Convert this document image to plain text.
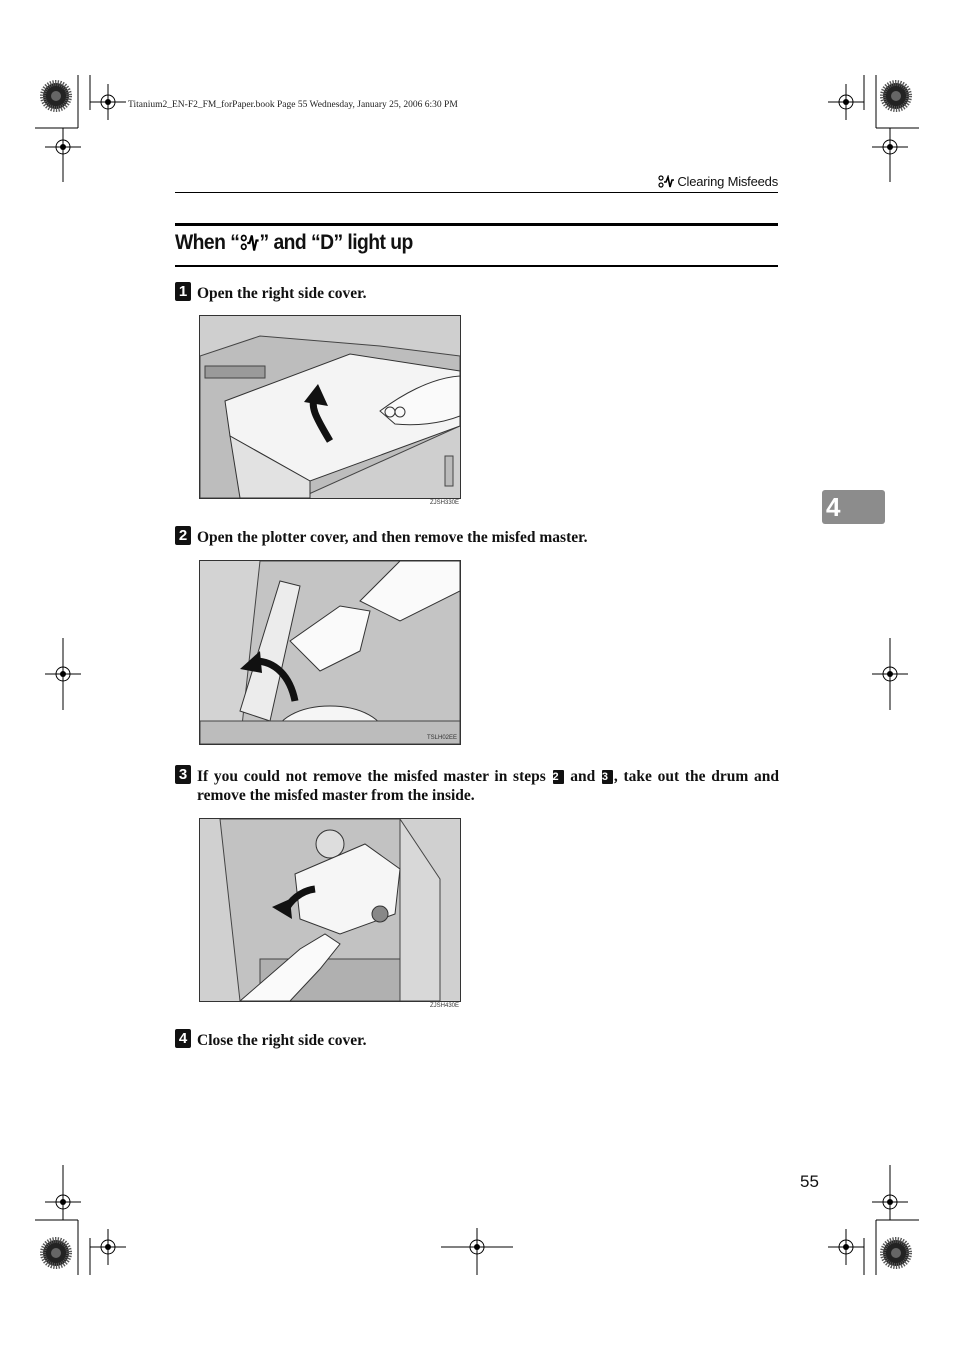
Titanium2_EN-F2_FM_forPaper.book Page 55 Wednesday, January 25, 2006 6:30 PM
Clearing Misfeeds
When “ ” and “D” light up
1 Open the right side cover.
ZJSH330E
2 Open the plotter cover, and then remove the misfed master.
TSLH02EE
3 If you could not remove the misfed master in steps 2 and 3 , take out the drum and remove the misfed master from the inside.
ZJSH430E
4 Close the right side cover.
4
55
